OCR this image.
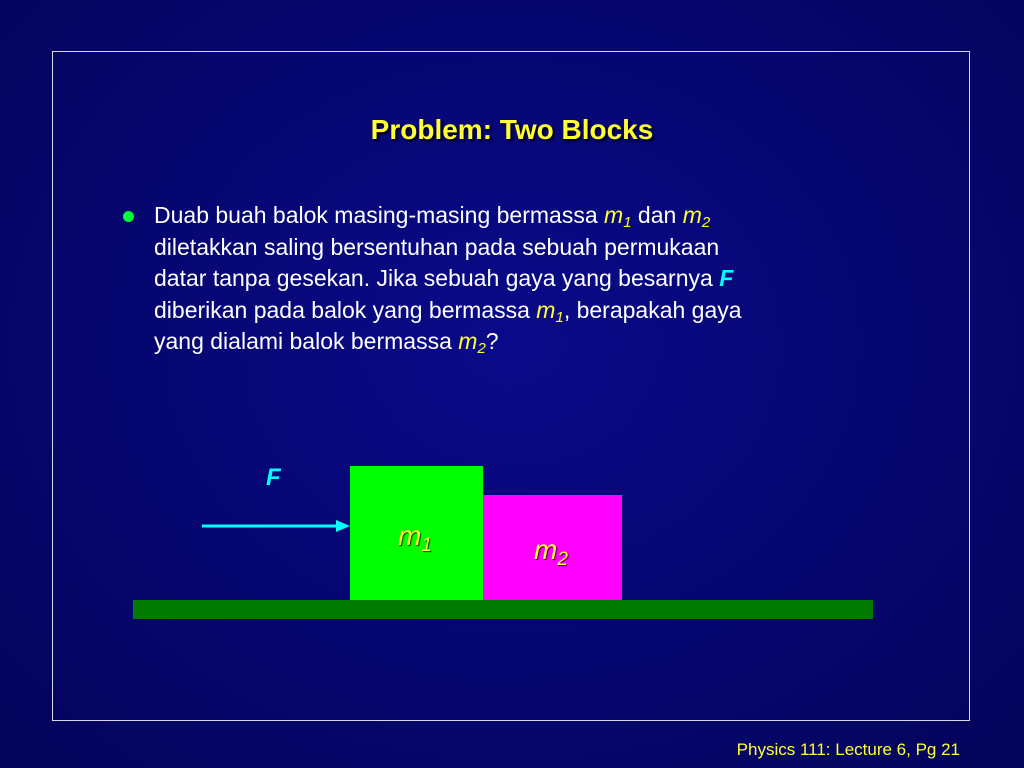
Problem: Two Blocks
Duab buah balok masing-masing bermassa $m_1$ dan $m_2$
diletakkan saling bersentuhan pada sebuah permukaan
datar tanpa gesekan. Jika sebuah gaya yang besarnya F
diberikan pada balok yang bermassa $m_1$, berapakah gaya
yang dialami balok bermassa $m_2$?
F
$m_1$	$m_2$
Physics 111: Lecture 6, Pg 21
